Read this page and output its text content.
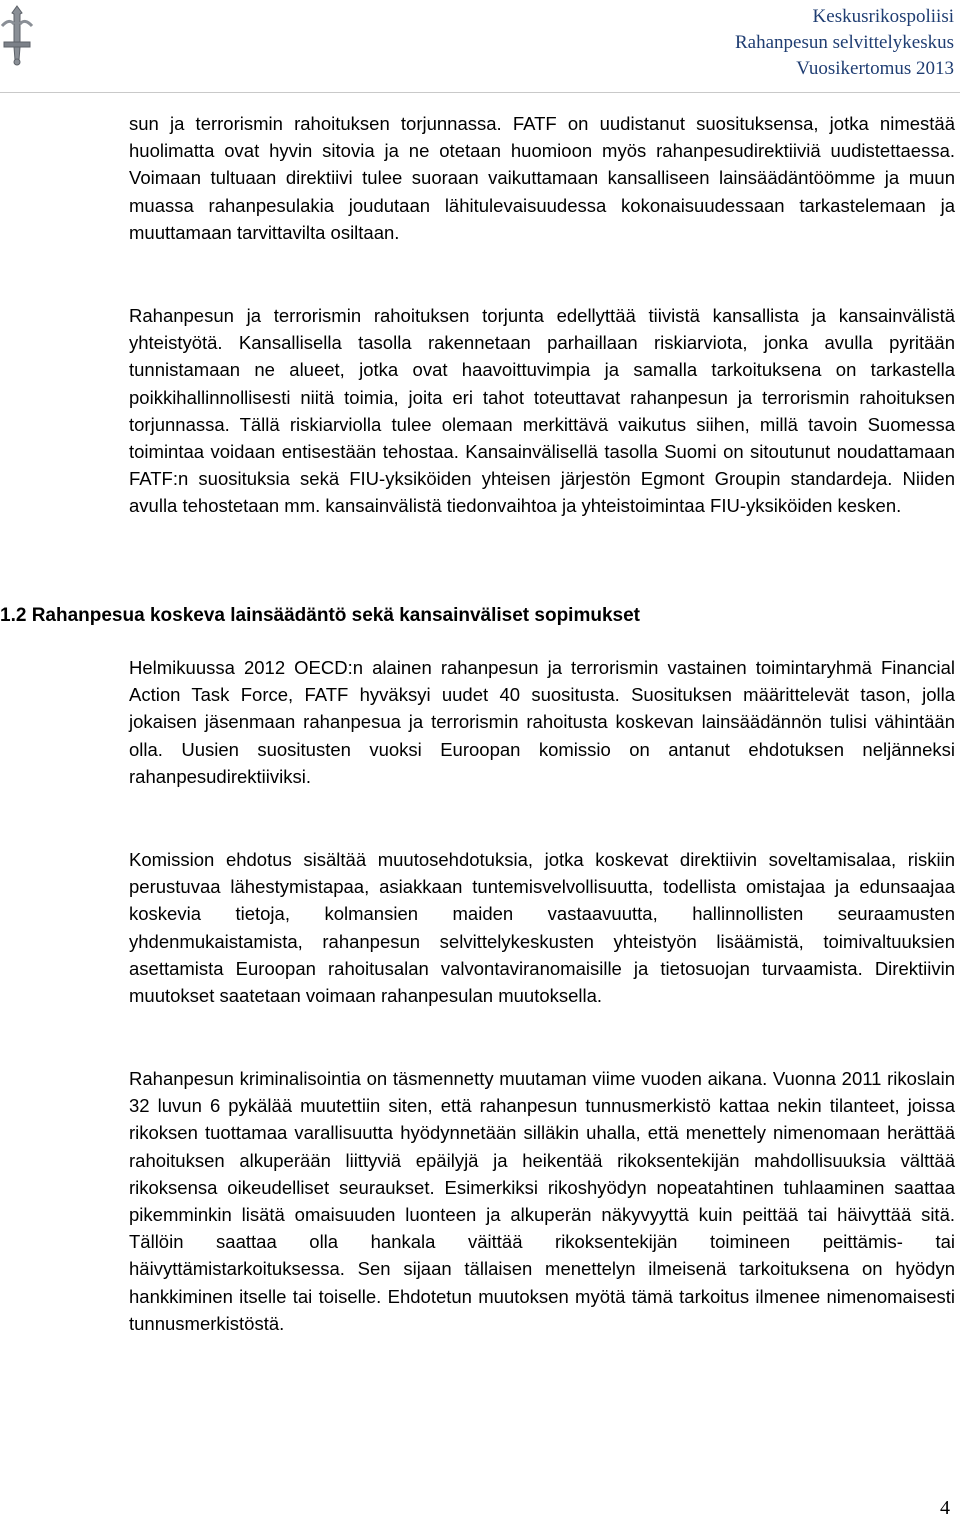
Keskusrikospoliisi
Rahanpesun selvittelykeskus
Vuosikertomus 2013

sun ja terrorismin rahoituksen torjunnassa. FATF on uudistanut suosituksensa, jotka nimestää huolimatta ovat hyvin sitovia ja ne otetaan huomioon myös rahanpesudirektiiviä uudistettaessa. Voimaan tultuaan direktiivi tulee suoraan vaikuttamaan kansalliseen lainsäädäntöömme ja muun muassa rahanpesulakia joudutaan lähitulevaisuudessa kokonaisuudessaan tarkastelemaan ja muuttamaan tarvittavilta osiltaan.

Rahanpesun ja terrorismin rahoituksen torjunta edellyttää tiivistä kansallista ja kansainvälistä yhteistyötä. Kansallisella tasolla rakennetaan parhaillaan riskiarviota, jonka avulla pyritään tunnistamaan ne alueet, jotka ovat haavoittuvimpia ja samalla tarkoituksena on tarkastella poikkihallinnollisesti niitä toimia, joita eri tahot toteuttavat rahanpesun ja terrorismin rahoituksen torjunnassa. Tällä riskiarviolla tulee olemaan merkittävä vaikutus siihen, millä tavoin Suomessa toimintaa voidaan entisestään tehostaa. Kansainvälisellä tasolla Suomi on sitoutunut noudattamaan FATF:n suosituksia sekä FIU-yksiköiden yhteisen järjestön Egmont Groupin standardeja. Niiden avulla tehostetaan mm. kansainvälistä tiedonvaihtoa ja yhteistoimintaa FIU-yksiköiden kesken.

1.2 Rahanpesua koskeva lainsäädäntö sekä kansainväliset sopimukset

Helmikuussa 2012 OECD:n alainen rahanpesun ja terrorismin vastainen toimintaryhmä Financial Action Task Force, FATF hyväksyi uudet 40 suositusta. Suosituksen määrittelevät tason, jolla jokaisen jäsenmaan rahanpesua ja terrorismin rahoitusta koskevan lainsäädännön tulisi vähintään olla. Uusien suositusten vuoksi Euroopan komissio on antanut ehdotuksen neljänneksi rahanpesudirektiiviksi.

Komission ehdotus sisältää muutosehdotuksia, jotka koskevat direktiivin soveltamisalaa, riskiin perustuvaa lähestymistapaa, asiakkaan tuntemisvelvollisuutta, todellista omistajaa ja edunsaajaa koskevia tietoja, kolmansien maiden vastaavuutta, hallinnollisten seuraamusten yhdenmukaistamista, rahanpesun selvittelykeskusten yhteistyön lisäämistä, toimivaltuuksien asettamista Euroopan rahoitusalan valvontaviranomaisille ja tietosuojan turvaamista. Direktiivin muutokset saatetaan voimaan rahanpesulan muutoksella.

Rahanpesun kriminalisointia on täsmennetty muutaman viime vuoden aikana. Vuonna 2011 rikoslain 32 luvun 6 pykälää muutettiin siten, että rahanpesun tunnusmerkistö kattaa nekin tilanteet, joissa rikoksen tuottamaa varallisuutta hyödynnetään silläkin uhalla, että menettely nimenomaan herättää rahoituksen alkuperään liittyviä epäilyjä ja heikentää rikoksentekijän mahdollisuuksia välttää rikoksensa oikeudelliset seuraukset. Esimerkiksi rikoshyödyn nopeatahtinen tuhlaaminen saattaa pikemminkin lisätä omaisuuden luonteen ja alkuperän näkyvyyttä kuin peittää tai häivyttää sitä. Tällöin saattaa olla hankala väittää rikoksentekijän toimineen peittämis- tai häivyttämistarkoituksessa. Sen sijaan tällaisen menettelyn ilmeisenä tarkoituksena on hyödyn hankkiminen itselle tai toiselle. Ehdotetun muutoksen myötä tämä tarkoitus ilmenee nimenomaisesti tunnusmerkistöstä.

4
